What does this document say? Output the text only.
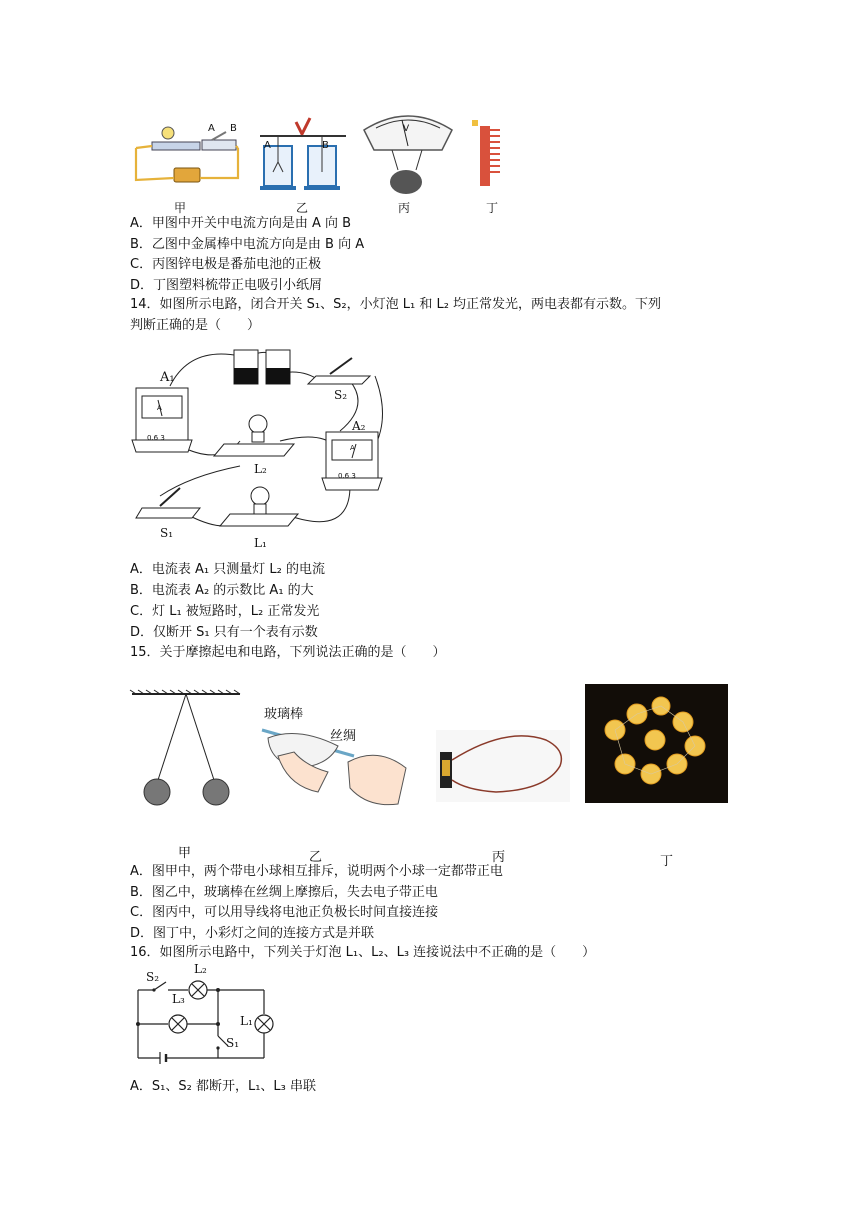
A B
A	B
V
甲	乙	丙	丁
A．甲图中开关中电流方向是由 A 向 B
B．乙图中金属棒中电流方向是由 B 向 A
C．丙图锌电极是番茄电池的正极
D．丁图塑料梳带正电吸引小纸屑
14．如图所示电路，闭合开关 S₁、S₂，小灯泡 L₁ 和 L₂ 均正常发光，两电表都有示数。下列
判断正确的是（　　）
A₁
S₂
A₂
L₂
S₁
L₁
A
0.6 3
A
0.6 3
A．电流表 A₁ 只测量灯 L₂ 的电流
B．电流表 A₂ 的示数比 A₁ 的大
C．灯 L₁ 被短路时，L₂ 正常发光
D．仅断开 S₁ 只有一个表有示数
15．关于摩擦起电和电路，下列说法正确的是（　　）
玻璃棒
丝绸
甲	乙	丙	丁
A．图甲中，两个带电小球相互排斥，说明两个小球一定都带正电
B．图乙中，玻璃棒在丝绸上摩擦后，失去电子带正电
C．图丙中，可以用导线将电池正负极长时间直接连接
D．图丁中，小彩灯之间的连接方式是并联
16．如图所示电路中，下列关于灯泡 L₁、L₂、L₃ 连接说法中不正确的是（　　）
S₂
L₂
L₃
L₁
S₁
A．S₁、S₂ 都断开，L₁、L₃ 串联
